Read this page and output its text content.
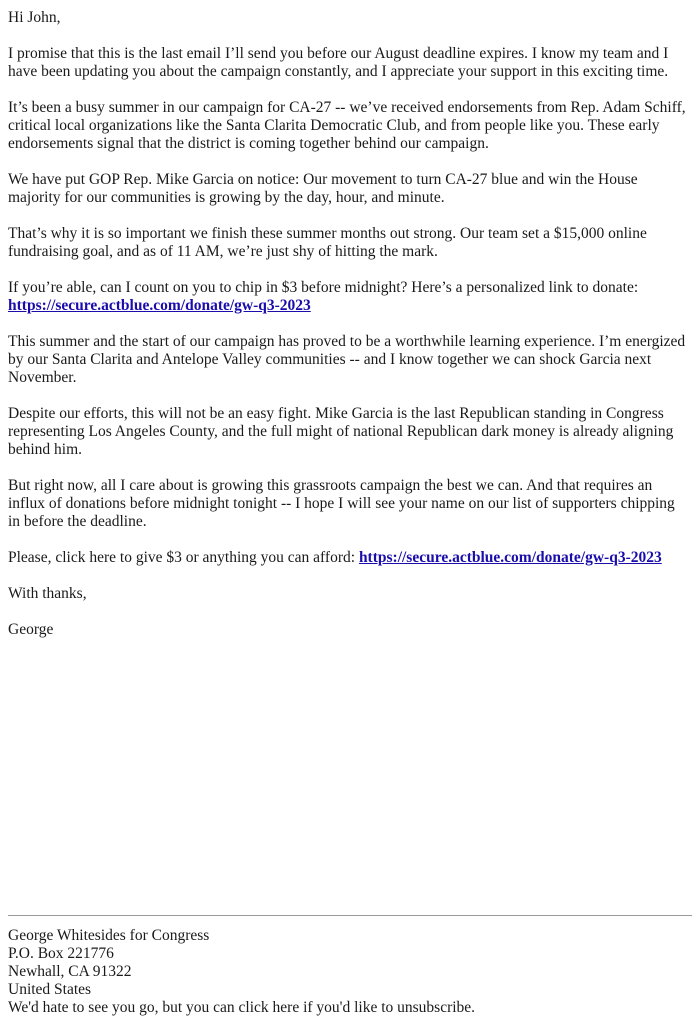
Hi John,

I promise that this is the last email I’ll send you before our August deadline expires. I know my team and I have been updating you about the campaign constantly, and I appreciate your support in this exciting time.

It’s been a busy summer in our campaign for CA-27 -- we’ve received endorsements from Rep. Adam Schiff, critical local organizations like the Santa Clarita Democratic Club, and from people like you. These early endorsements signal that the district is coming together behind our campaign.

We have put GOP Rep. Mike Garcia on notice: Our movement to turn CA-27 blue and win the House majority for our communities is growing by the day, hour, and minute.

That’s why it is so important we finish these summer months out strong. Our team set a $15,000 online fundraising goal, and as of 11 AM, we’re just shy of hitting the mark.

If you’re able, can I count on you to chip in $3 before midnight? Here’s a personalized link to donate:
https://secure.actblue.com/donate/gw-q3-2023

This summer and the start of our campaign has proved to be a worthwhile learning experience. I’m energized by our Santa Clarita and Antelope Valley communities -- and I know together we can shock Garcia next November.

Despite our efforts, this will not be an easy fight. Mike Garcia is the last Republican standing in Congress representing Los Angeles County, and the full might of national Republican dark money is already aligning behind him.

But right now, all I care about is growing this grassroots campaign the best we can. And that requires an influx of donations before midnight tonight -- I hope I will see your name on our list of supporters chipping in before the deadline.

Please, click here to give $3 or anything you can afford: https://secure.actblue.com/donate/gw-q3-2023

With thanks,

George

George Whitesides for Congress
P.O. Box 221776
Newhall, CA 91322
United States
We'd hate to see you go, but you can click here if you'd like to unsubscribe.
